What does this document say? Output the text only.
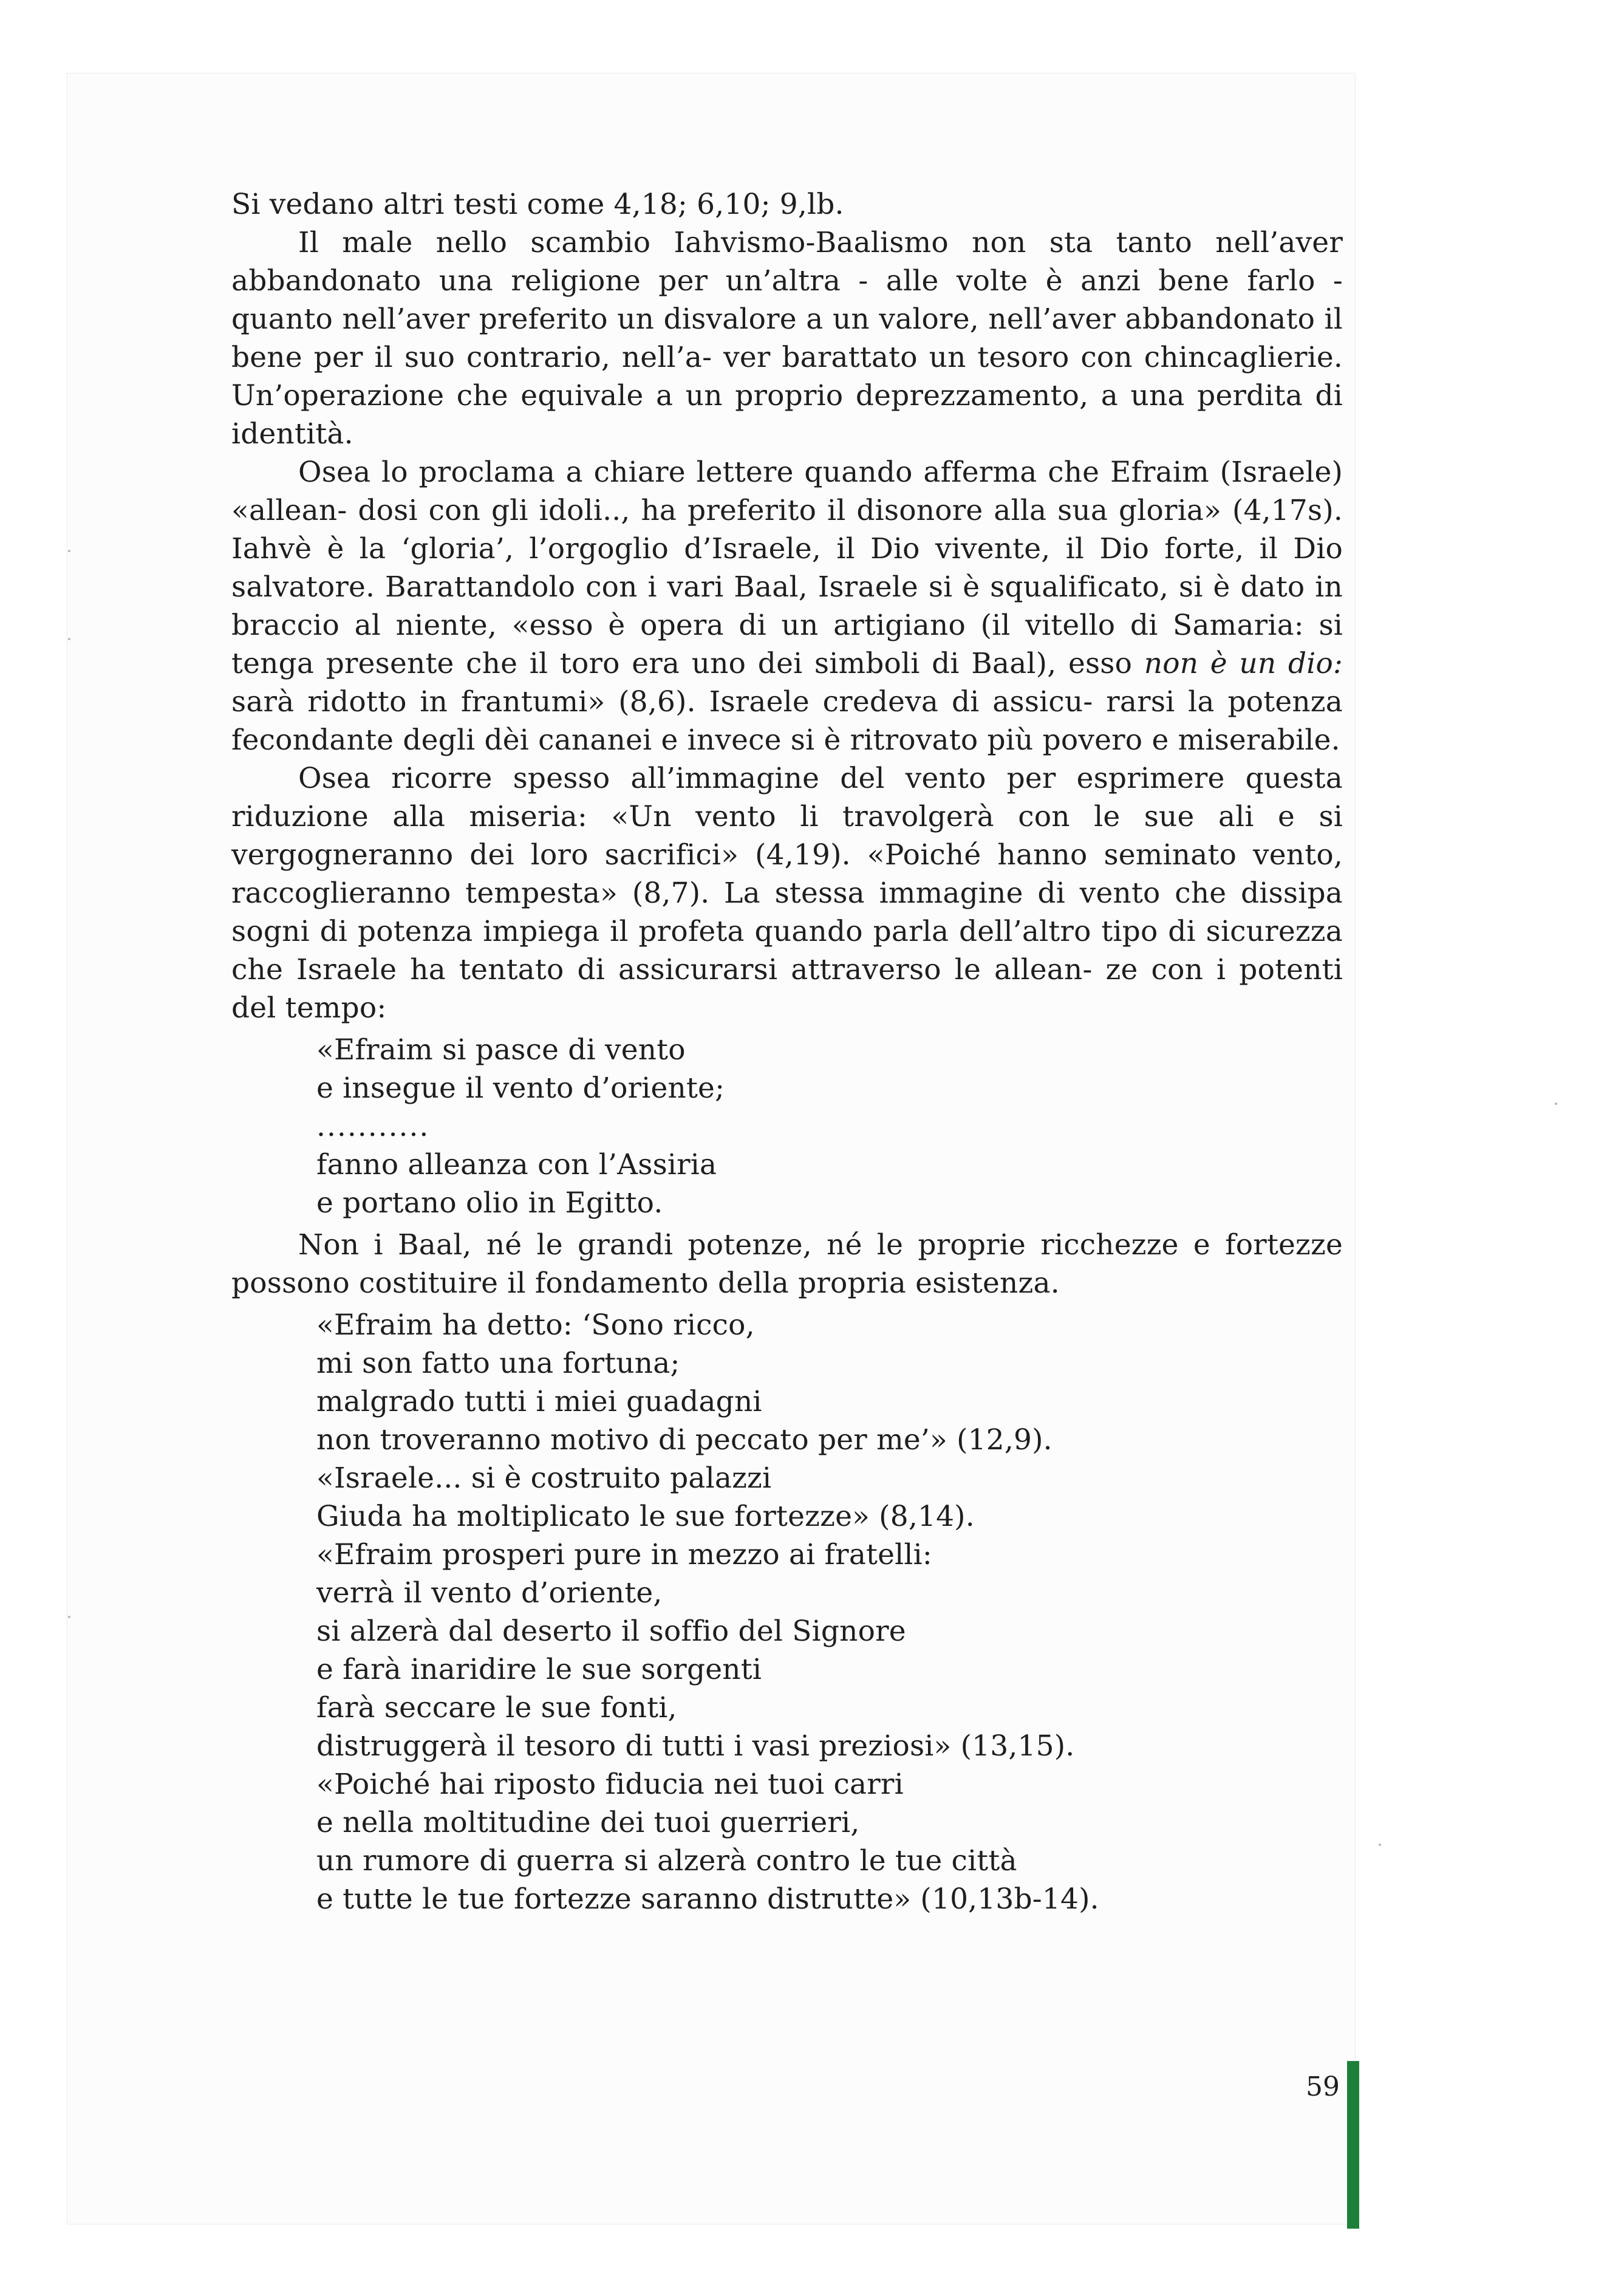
Si vedano altri testi come 4,18; 6,10; 9,lb.

Il male nello scambio Iahvismo-Baalismo non sta tanto nell’aver abbandonato una religione per un’altra - alle volte è anzi bene farlo - quanto nell’aver preferito un disvalore a un valore, nell’aver abbandonato il bene per il suo contrario, nell’a- ver barattato un tesoro con chincaglierie. Un’operazione che equivale a un proprio deprezzamento, a una perdita di identità.

Osea lo proclama a chiare lettere quando afferma che Efraim (Israele) «allean- dosi con gli idoli.., ha preferito il disonore alla sua gloria» (4,17s). Iahvè è la ‘gloria’, l’orgoglio d’Israele, il Dio vivente, il Dio forte, il Dio salvatore. Barattandolo con i vari Baal, Israele si è squalificato, si è dato in braccio al niente, «esso è opera di un artigiano (il vitello di Samaria: si tenga presente che il toro era uno dei simboli di Baal), esso non è un dio: sarà ridotto in frantumi» (8,6). Israele credeva di assicu- rarsi la potenza fecondante degli dèi cananei e invece si è ritrovato più povero e miserabile.

Osea ricorre spesso all’immagine del vento per esprimere questa riduzione alla miseria: «Un vento li travolgerà con le sue ali e si vergogneranno dei loro sacrifici» (4,19). «Poiché hanno seminato vento, raccoglieranno tempesta» (8,7). La stessa immagine di vento che dissipa sogni di potenza impiega il profeta quando parla dell’altro tipo di sicurezza che Israele ha tentato di assicurarsi attraverso le allean- ze con i potenti del tempo:

«Efraim si pasce di vento
e insegue il vento d’oriente;
...........
fanno alleanza con l’Assiria
e portano olio in Egitto.

Non i Baal, né le grandi potenze, né le proprie ricchezze e fortezze possono costituire il fondamento della propria esistenza.

«Efraim ha detto: ‘Sono ricco,
mi son fatto una fortuna;
malgrado tutti i miei guadagni
non troveranno motivo di peccato per me’» (12,9).
«Israele... si è costruito palazzi
Giuda ha moltiplicato le sue fortezze» (8,14).
«Efraim prosperi pure in mezzo ai fratelli:
verrà il vento d’oriente,
si alzerà dal deserto il soffio del Signore
e farà inaridire le sue sorgenti
farà seccare le sue fonti,
distruggerà il tesoro di tutti i vasi preziosi» (13,15).
«Poiché hai riposto fiducia nei tuoi carri
e nella moltitudine dei tuoi guerrieri,
un rumore di guerra si alzerà contro le tue città
e tutte le tue fortezze saranno distrutte» (10,13b-14).
59
